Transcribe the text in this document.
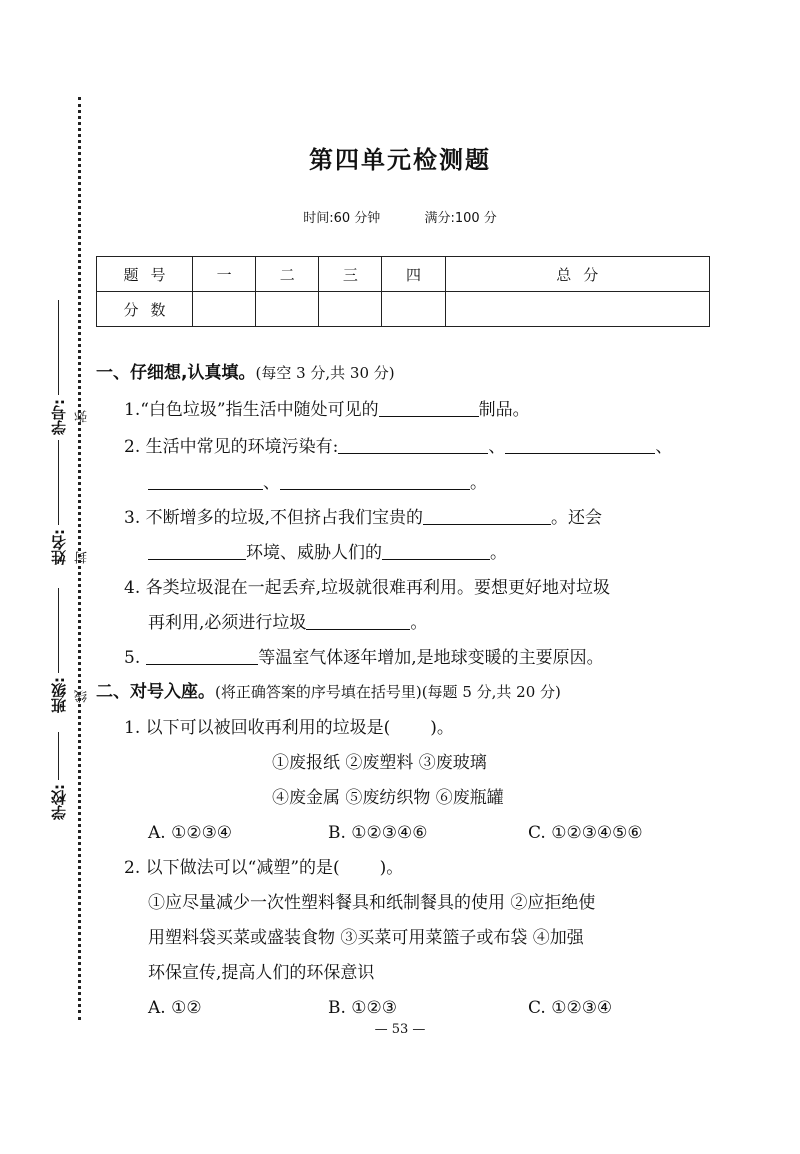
学号:
姓名:
班级:
学校:
弥
封
线
第四单元检测题
时间:60 分钟	满分:100 分
题号	一	二	三	四	总分
分数					
一、仔细想,认真填。(每空 3 分,共 30 分)
1.“白色垃圾”指生活中随处可见的	制品。
2. 生活中常见的环境污染有:	、	、
、	。
3. 不断增多的垃圾,不但挤占我们宝贵的	。还会
环境、威胁人们的	。
4. 各类垃圾混在一起丢弃,垃圾就很难再利用。要想更好地对垃圾
再利用,必须进行垃圾	。
5.	等温室气体逐年增加,是地球变暖的主要原因。
二、对号入座。(将正确答案的序号填在括号里)(每题 5 分,共 20 分)
1. 以下可以被回收再利用的垃圾是( )。
①废报纸 ②废塑料 ③废玻璃
④废金属 ⑤废纺织物 ⑥废瓶罐
A. ①②③④	B. ①②③④⑥	C. ①②③④⑤⑥
2. 以下做法可以“减塑”的是( )。
①应尽量减少一次性塑料餐具和纸制餐具的使用 ②应拒绝使
用塑料袋买菜或盛装食物 ③买菜可用菜篮子或布袋 ④加强
环保宣传,提高人们的环保意识
A. ①②	B. ①②③	C. ①②③④
— 53 —
